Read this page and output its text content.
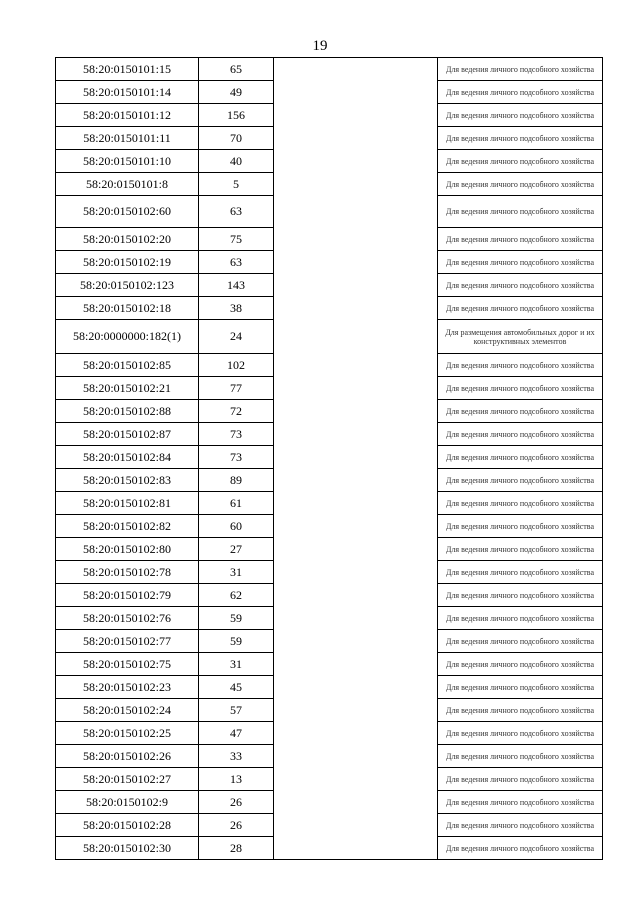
19
58:20:0150101:15	65		Для ведения личного подсобного хозяйства
58:20:0150101:14	49		Для ведения личного подсобного хозяйства
58:20:0150101:12	156		Для ведения личного подсобного хозяйства
58:20:0150101:11	70		Для ведения личного подсобного хозяйства
58:20:0150101:10	40		Для ведения личного подсобного хозяйства
58:20:0150101:8	5		Для ведения личного подсобного хозяйства
58:20:0150102:60	63		Для ведения личного подсобного хозяйства
58:20:0150102:20	75		Для ведения личного подсобного хозяйства
58:20:0150102:19	63		Для ведения личного подсобного хозяйства
58:20:0150102:123	143		Для ведения личного подсобного хозяйства
58:20:0150102:18	38		Для ведения личного подсобного хозяйства
58:20:0000000:182(1)	24		Для размещения автомобильных дорог и их конструктивных элементов
58:20:0150102:85	102		Для ведения личного подсобного хозяйства
58:20:0150102:21	77		Для ведения личного подсобного хозяйства
58:20:0150102:88	72		Для ведения личного подсобного хозяйства
58:20:0150102:87	73		Для ведения личного подсобного хозяйства
58:20:0150102:84	73		Для ведения личного подсобного хозяйства
58:20:0150102:83	89		Для ведения личного подсобного хозяйства
58:20:0150102:81	61		Для ведения личного подсобного хозяйства
58:20:0150102:82	60		Для ведения личного подсобного хозяйства
58:20:0150102:80	27		Для ведения личного подсобного хозяйства
58:20:0150102:78	31		Для ведения личного подсобного хозяйства
58:20:0150102:79	62		Для ведения личного подсобного хозяйства
58:20:0150102:76	59		Для ведения личного подсобного хозяйства
58:20:0150102:77	59		Для ведения личного подсобного хозяйства
58:20:0150102:75	31		Для ведения личного подсобного хозяйства
58:20:0150102:23	45		Для ведения личного подсобного хозяйства
58:20:0150102:24	57		Для ведения личного подсобного хозяйства
58:20:0150102:25	47		Для ведения личного подсобного хозяйства
58:20:0150102:26	33		Для ведения личного подсобного хозяйства
58:20:0150102:27	13		Для ведения личного подсобного хозяйства
58:20:0150102:9	26		Для ведения личного подсобного хозяйства
58:20:0150102:28	26		Для ведения личного подсобного хозяйства
58:20:0150102:30	28		Для ведения личного подсобного хозяйства
